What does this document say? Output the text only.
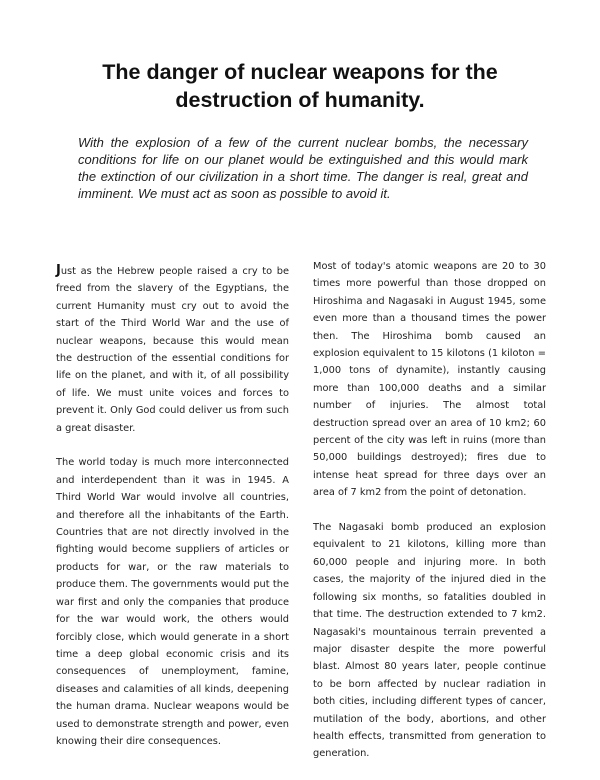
The danger of nuclear weapons for the destruction of humanity.

With the explosion of a few of the current nuclear bombs, the necessary conditions for life on our planet would be extinguished and this would mark the extinction of our civilization in a short time. The danger is real, great and imminent. We must act as soon as possible to avoid it.

Just as the Hebrew people raised a cry to be freed from the slavery of the Egyptians, the current Humanity must cry out to avoid the start of the Third World War and the use of nuclear weapons, because this would mean the destruction of the essential conditions for life on the planet, and with it, of all possibility of life. We must unite voices and forces to prevent it. Only God could deliver us from such a great disaster.

The world today is much more interconnected and interdependent than it was in 1945. A Third World War would involve all countries, and therefore all the inhabitants of the Earth. Countries that are not directly involved in the fighting would become suppliers of articles or products for war, or the raw materials to produce them. The governments would put the war first and only the companies that produce for the war would work, the others would forcibly close, which would generate in a short time a deep global economic crisis and its consequences of unemployment, famine, diseases and calamities of all kinds, deepening the human drama. Nuclear weapons would be used to demonstrate strength and power, even knowing their dire consequences.

Most of today's atomic weapons are 20 to 30 times more powerful than those dropped on Hiroshima and Nagasaki in August 1945, some even more than a thousand times the power then. The Hiroshima bomb caused an explosion equivalent to 15 kilotons (1 kiloton = 1,000 tons of dynamite), instantly causing more than 100,000 deaths and a similar number of injuries. The almost total destruction spread over an area of 10 km2; 60 percent of the city was left in ruins (more than 50,000 buildings destroyed); fires due to intense heat spread for three days over an area of 7 km2 from the point of detonation.

The Nagasaki bomb produced an explosion equivalent to 21 kilotons, killing more than 60,000 people and injuring more. In both cases, the majority of the injured died in the following six months, so fatalities doubled in that time. The destruction extended to 7 km2. Nagasaki's mountainous terrain prevented a major disaster despite the more powerful blast. Almost 80 years later, people continue to be born affected by nuclear radiation in both cities, including different types of cancer, mutilation of the body, abortions, and other health effects, transmitted from generation to generation.
